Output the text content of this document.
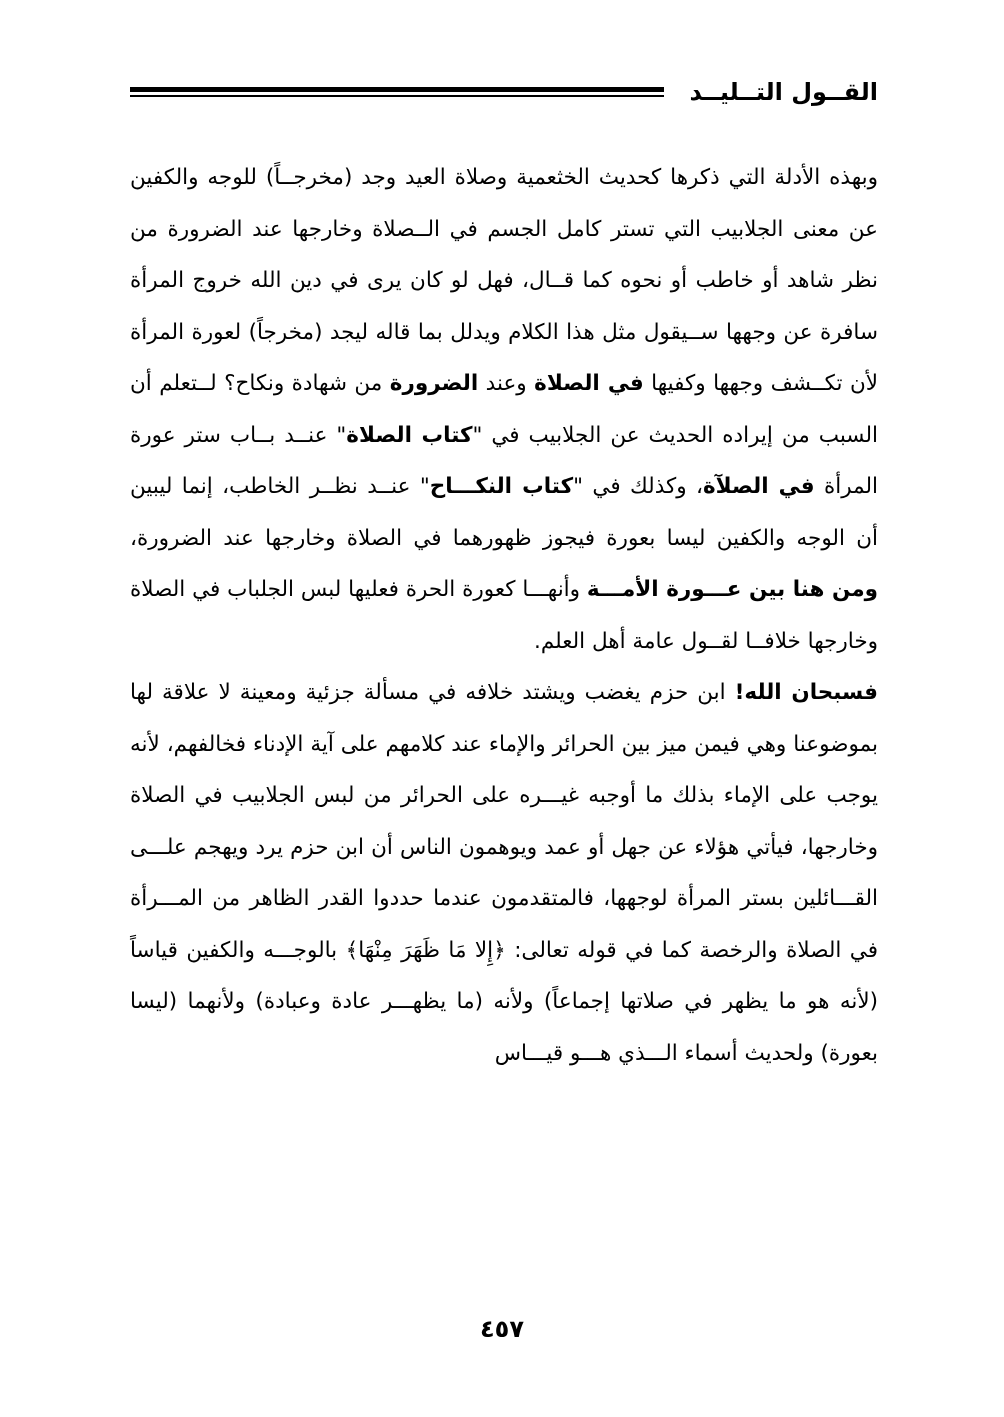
القــول التــليــد

وبهذه الأدلة التي ذكرها كحديث الخثعمية وصلاة العيد وجد (مخرجــاً) للوجه والكفين عن معنى الجلابيب التي تستر كامل الجسم في الــصلاة وخارجها عند الضرورة من نظر شاهد أو خاطب أو نحوه كما قــال، فهل لو كان يرى في دين الله خروج المرأة سافرة عن وجهها ســيقول مثل هذا الكلام ويدلل بما قاله ليجد (مخرجاً) لعورة المرأة لأن تكــشف وجهها وكفيها في الصلاة وعند الضرورة من شهادة ونكاح؟ لــتعلم أن السبب من إيراده الحديث عن الجلابيب في "كتاب الصلاة" عنــد بــاب ستر عورة المرأة في الصلآة، وكذلك في "كتاب النكـــاح" عنــد نظــر الخاطب، إنما ليبين أن الوجه والكفين ليسا بعورة فيجوز ظهورهما في الصلاة وخارجها عند الضرورة، ومن هنا بين عـــورة الأمـــة وأنهـــا كعورة الحرة فعليها لبس الجلباب في الصلاة وخارجها خلافــا لقــول عامة أهل العلم.

فسبحان الله! ابن حزم يغضب ويشتد خلافه في مسألة جزئية ومعينة لا علاقة لها بموضوعنا وهي فيمن ميز بين الحرائر والإماء عند كلامهم على آية الإدناء فخالفهم، لأنه يوجب على الإماء بذلك ما أوجبه غيـــره على الحرائر من لبس الجلابيب في الصلاة وخارجها، فيأتي هؤلاء عن جهل أو عمد ويوهمون الناس أن ابن حزم يرد ويهجم علـــى القـــائلين بستر المرأة لوجهها، فالمتقدمون عندما حددوا القدر الظاهر من المـــرأة في الصلاة والرخصة كما في قوله تعالى: ﴿إِلا مَا ظَهَرَ مِنْهَا﴾ بالوجـــه والكفين قياساً (لأنه هو ما يظهر في صلاتها إجماعاً) ولأنه (ما يظهـــر عادة وعبادة) ولأنهما (ليسا بعورة) ولحديث أسماء الـــذي هـــو قيـــاس

٤٥٧
